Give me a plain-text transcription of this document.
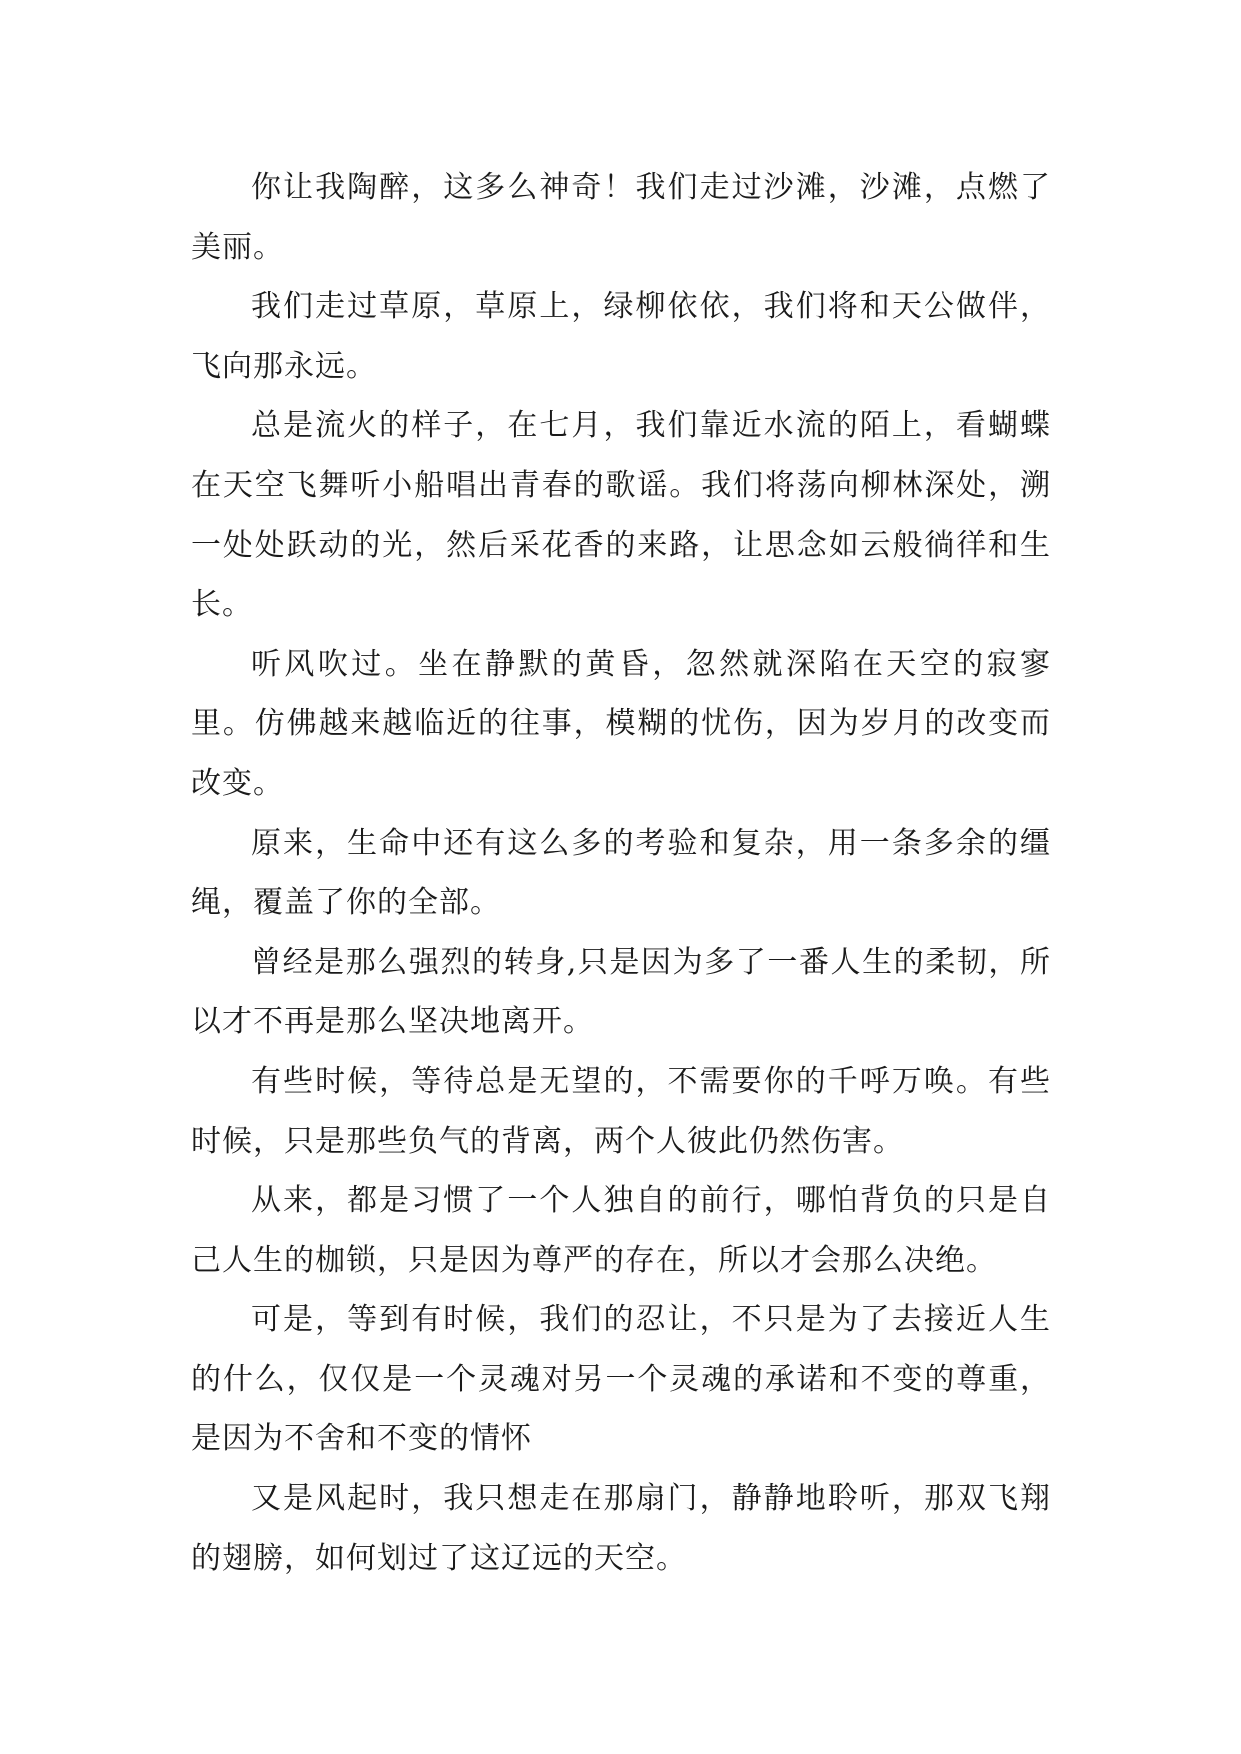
你让我陶醉，这多么神奇！我们走过沙滩，沙滩，点燃了美丽。

我们走过草原，草原上，绿柳依依，我们将和天公做伴，飞向那永远。

总是流火的样子，在七月，我们靠近水流的陌上，看蝴蝶在天空飞舞听小船唱出青春的歌谣。我们将荡向柳林深处，溯一处处跃动的光，然后采花香的来路，让思念如云般徜徉和生长。

听风吹过。坐在静默的黄昏，忽然就深陷在天空的寂寥里。仿佛越来越临近的往事，模糊的忧伤，因为岁月的改变而改变。

原来，生命中还有这么多的考验和复杂，用一条多余的缰绳，覆盖了你的全部。

曾经是那么强烈的转身,只是因为多了一番人生的柔韧，所以才不再是那么坚决地离开。

有些时候，等待总是无望的，不需要你的千呼万唤。有些时候，只是那些负气的背离，两个人彼此仍然伤害。

从来，都是习惯了一个人独自的前行，哪怕背负的只是自己人生的枷锁，只是因为尊严的存在，所以才会那么决绝。

可是，等到有时候，我们的忍让，不只是为了去接近人生的什么，仅仅是一个灵魂对另一个灵魂的承诺和不变的尊重，是因为不舍和不变的情怀

又是风起时，我只想走在那扇门，静静地聆听，那双飞翔的翅膀，如何划过了这辽远的天空。
